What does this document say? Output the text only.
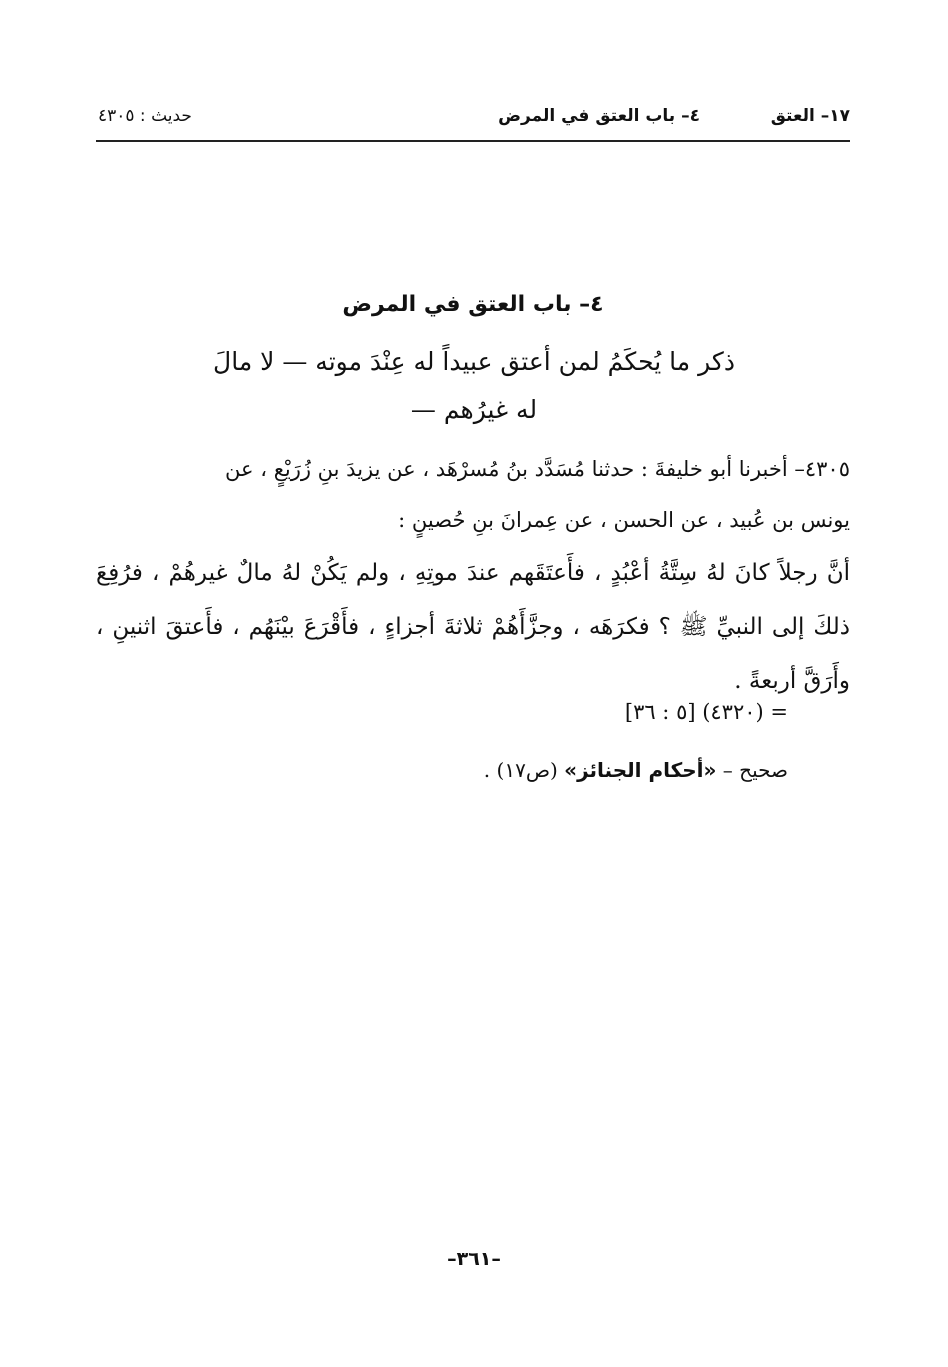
١٧– العتق
٤– باب العتق في المرض
حديث : ٤٣٠٥
٤– باب العتق في المرض
ذكر ما يُحكَمُ لمن أعتق عبيداً له عِنْدَ موته — لا مالَ له غيرُهم —

٤٣٠٥– أخبرنا أبو خليفةَ : حدثنا مُسَدَّد بنُ مُسرْهَد ، عن يزيدَ بنِ زُرَيْعٍ ، عن

يونس بن عُبيد ، عن الحسن ، عن عِمرانَ بنِ حُصينٍ :

أنَّ رجلاً كانَ لهُ سِتَّةُ أعْبُدٍ ، فأَعتَقَهم عندَ موتِهِ ، ولم يَكُنْ لهُ مالٌ غيرهُمْ ، فرُفِعَ ذلكَ إلى النبيِّ ﷺ ؟ فكرَهَه ، وجزَّأَهُمْ ثلاثةَ أجزاءٍ ، فأَقْرَعَ بيْنَهُم ، فأَعتقَ اثنينِ ، وأَرَقَّ أربعةً .

= (٤٣٢٠) [٥ : ٣٦]
صحيح – «أحكام الجنائز» (ص١٧) .
–٣٦١–
